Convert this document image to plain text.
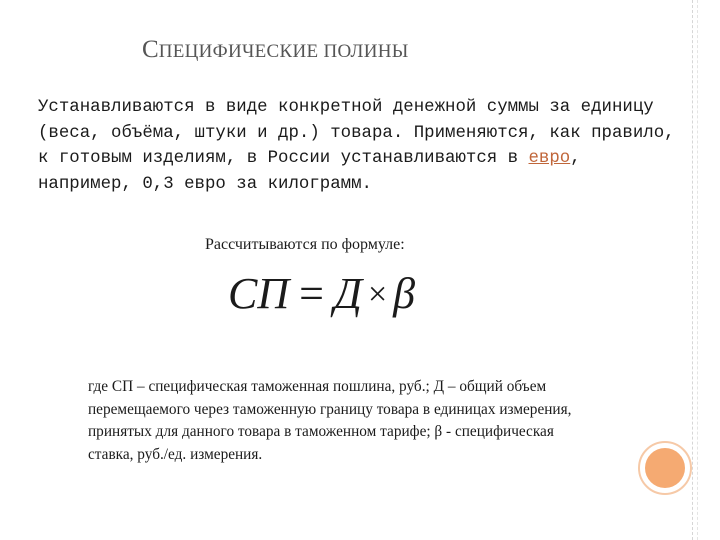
СПЕЦИФИЧЕСКИЕ ПОЛИНЫ
Устанавливаются в виде конкретной денежной суммы за единицу (веса, объёма, штуки и др.) товара. Применяются, как правило, к готовым изделиям, в России устанавливаются в евро, например, 0,3 евро за килограмм.
Рассчитываются по формуле:
СП = Д × β
где СП – специфическая таможенная пошлина, руб.; Д – общий объем перемещаемого через таможенную границу товара в единицах измерения, принятых для данного товара в таможенном тарифе; β - специфическая ставка, руб./ед. измерения.
